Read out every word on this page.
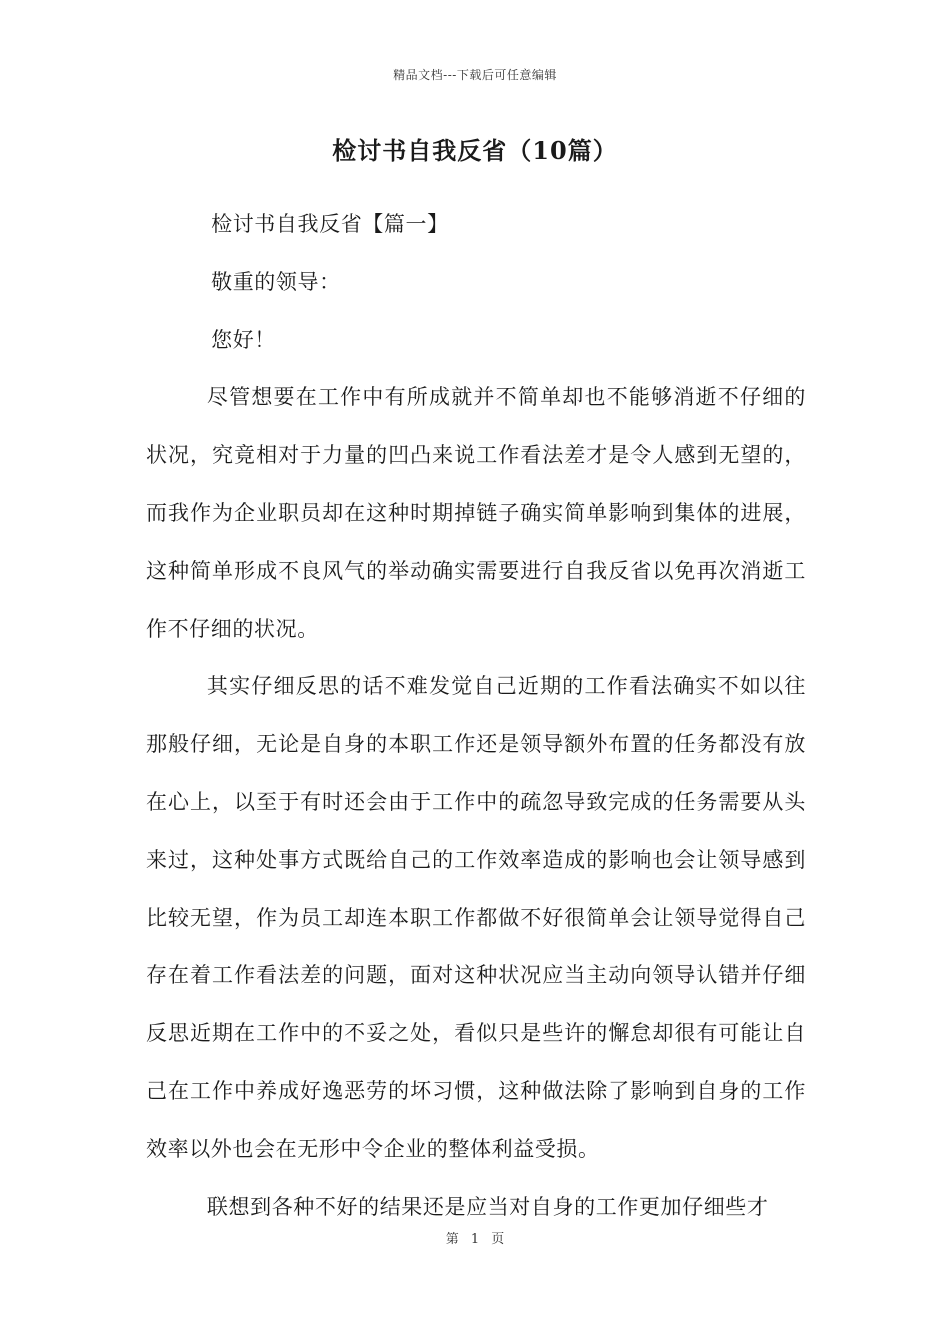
精品文档---下载后可任意编辑
检讨书自我反省（10篇）

检讨书自我反省【篇一】

敬重的领导：

您好！

尽管想要在工作中有所成就并不简单却也不能够消逝不仔细的状况，究竟相对于力量的凹凸来说工作看法差才是令人感到无望的，而我作为企业职员却在这种时期掉链子确实简单影响到集体的进展，这种简单形成不良风气的举动确实需要进行自我反省以免再次消逝工作不仔细的状况。

其实仔细反思的话不难发觉自己近期的工作看法确实不如以往那般仔细，无论是自身的本职工作还是领导额外布置的任务都没有放在心上，以至于有时还会由于工作中的疏忽导致完成的任务需要从头来过，这种处事方式既给自己的工作效率造成的影响也会让领导感到比较无望，作为员工却连本职工作都做不好很简单会让领导觉得自己存在着工作看法差的问题，面对这种状况应当主动向领导认错并仔细反思近期在工作中的不妥之处，看似只是些许的懈怠却很有可能让自己在工作中养成好逸恶劳的坏习惯，这种做法除了影响到自身的工作效率以外也会在无形中令企业的整体利益受损。

联想到各种不好的结果还是应当对自身的工作更加仔细些才

第 1 页
